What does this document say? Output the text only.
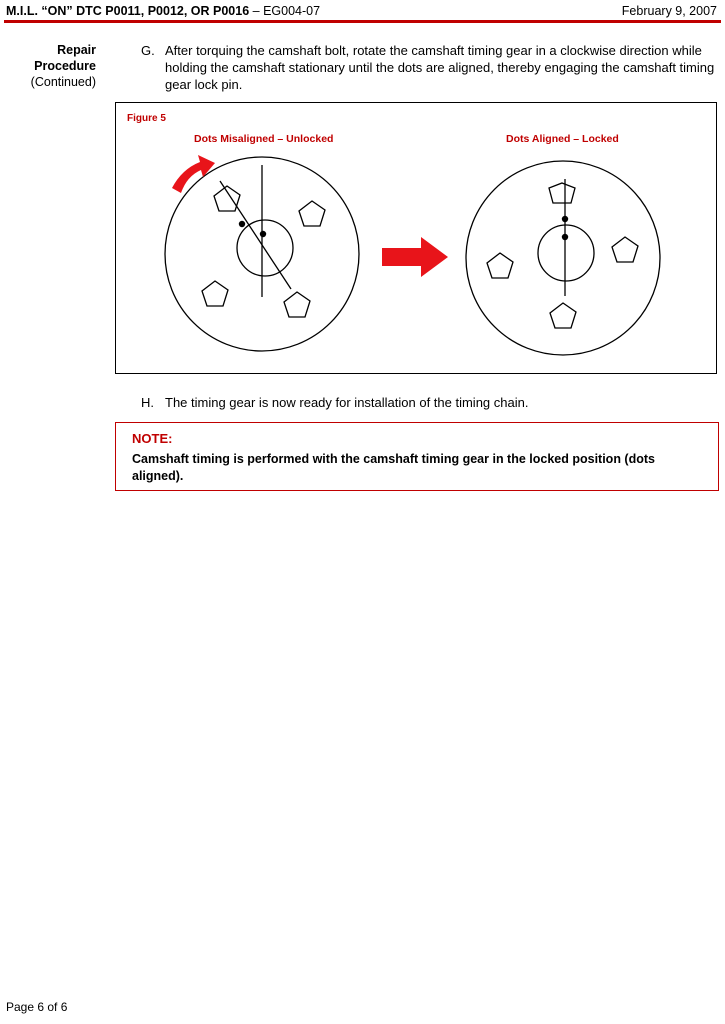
M.I.L. “ON” DTC P0011, P0012, OR P0016 – EG004-07	February 9, 2007
Repair
Procedure
(Continued)
G. After torquing the camshaft bolt, rotate the camshaft timing gear in a clockwise direction while holding the camshaft stationary until the dots are aligned, thereby engaging the camshaft timing gear lock pin.
Figure 5
Dots Misaligned – Unlocked	Dots Aligned – Locked
H. The timing gear is now ready for installation of the timing chain.
NOTE:
Camshaft timing is performed with the camshaft timing gear in the locked position (dots aligned).
Page 6 of 6
